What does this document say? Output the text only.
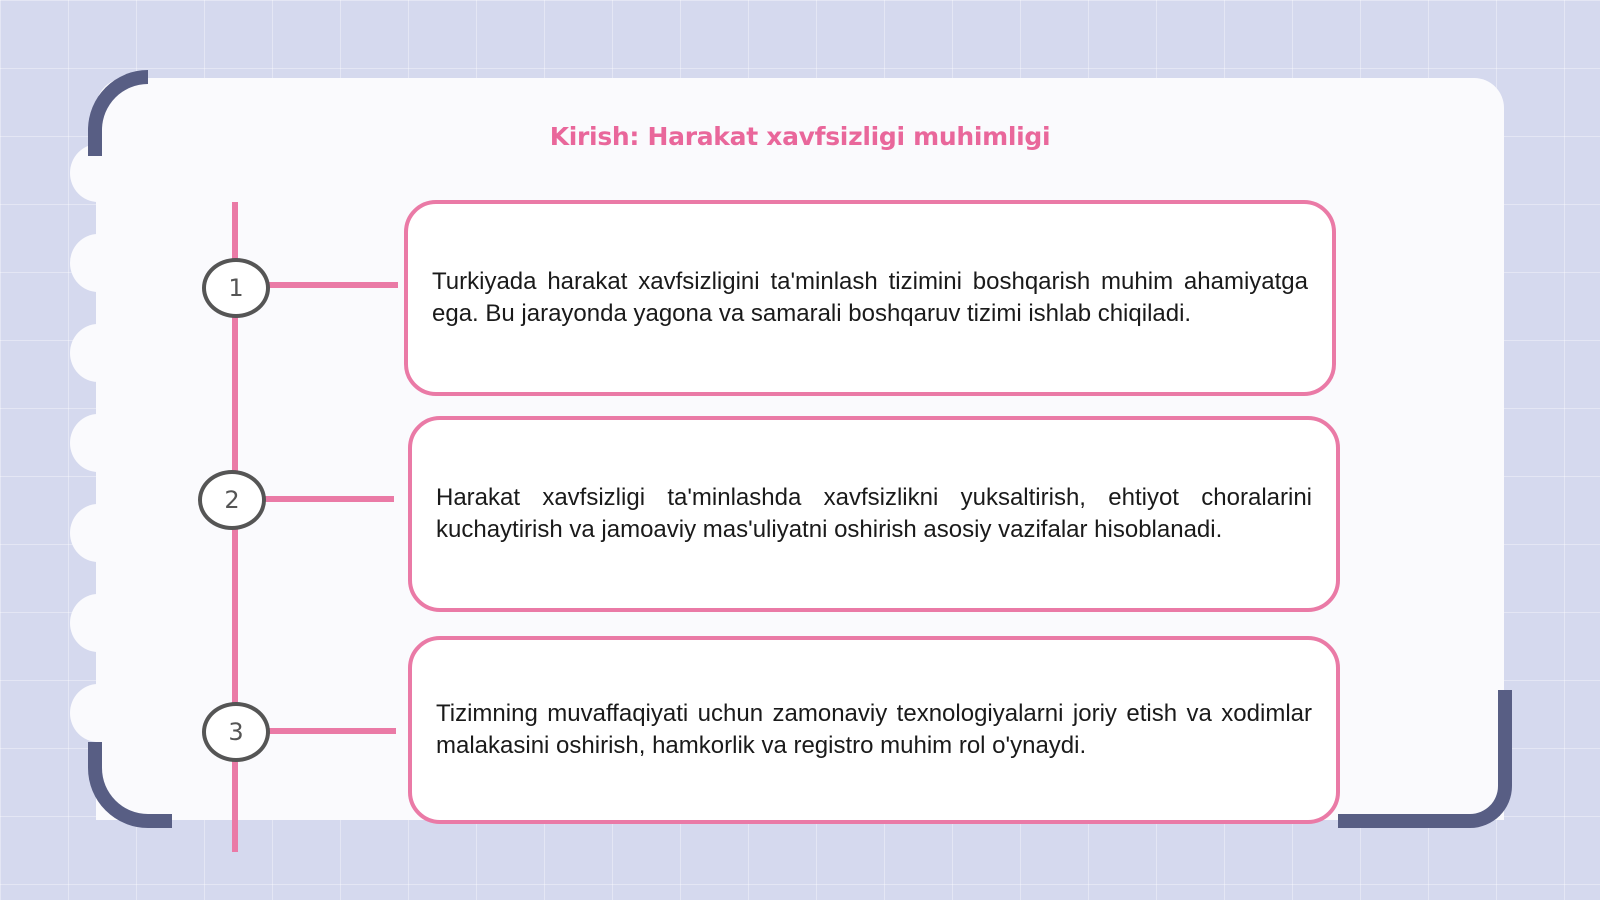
Kirish: Harakat xavfsizligi muhimligi
1
2
3
Turkiyada harakat xavfsizligini ta'minlash tizimini boshqarish muhim ahamiyatga ega. Bu jarayonda yagona va samarali boshqaruv tizimi ishlab chiqiladi.
Harakat xavfsizligi ta'minlashda xavfsizlikni yuksaltirish, ehtiyot choralarini kuchaytirish va jamoaviy mas'uliyatni oshirish asosiy vazifalar hisoblanadi.
Tizimning muvaffaqiyati uchun zamonaviy texnologiyalarni joriy etish va xodimlar malakasini oshirish, hamkorlik va registro muhim rol o'ynaydi.
